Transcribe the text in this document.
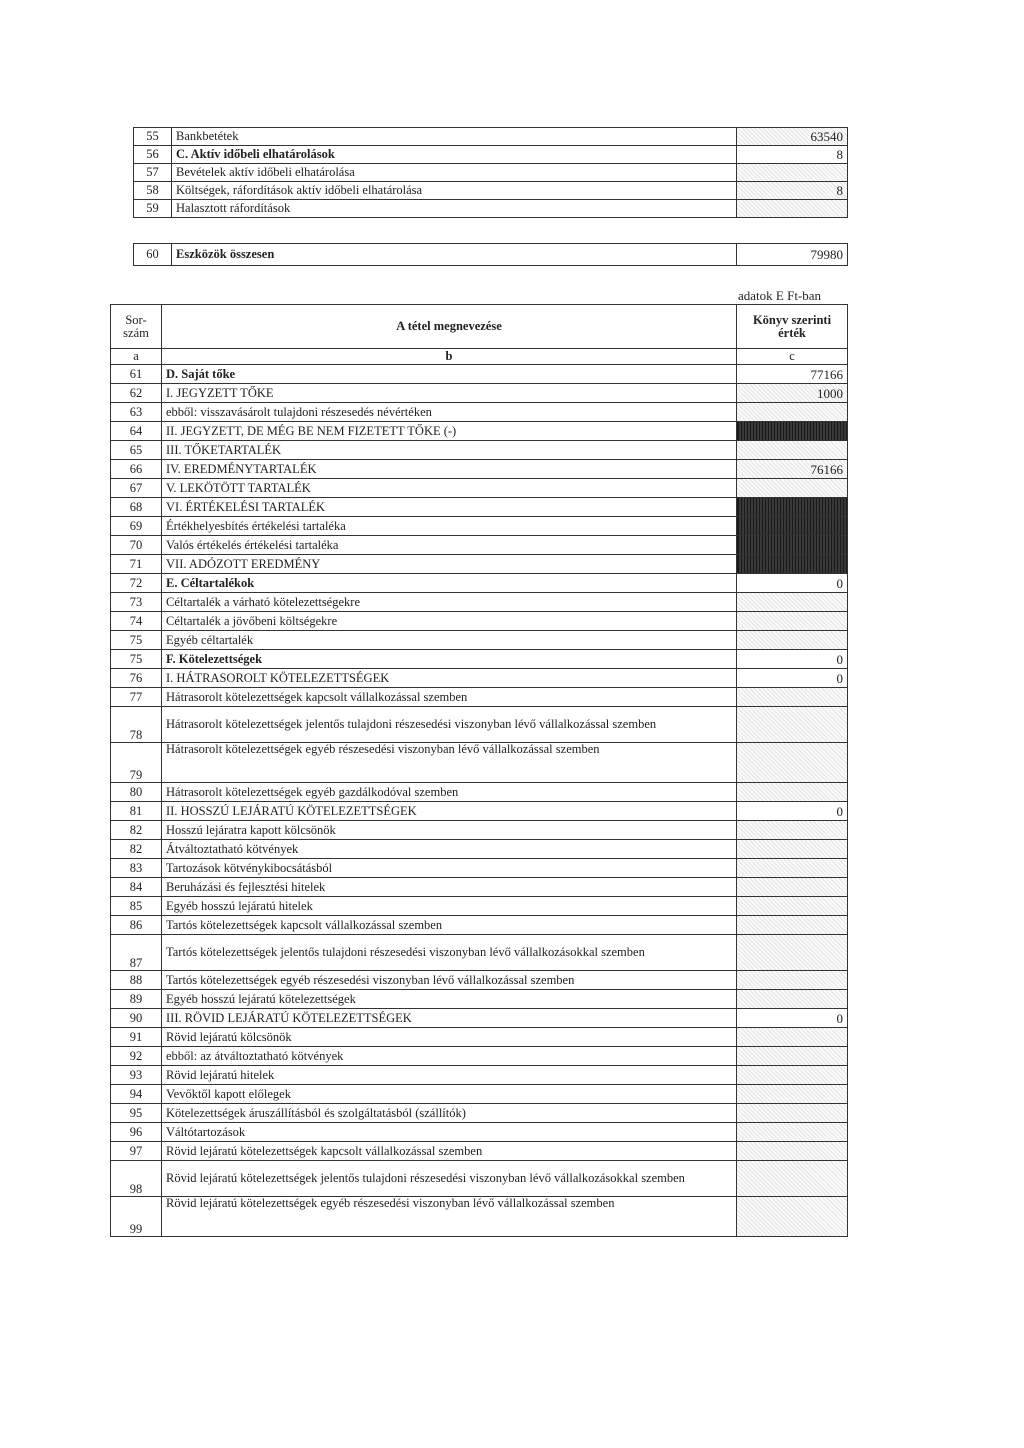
55	Bankbetétek	63540
56	C. Aktív időbeli elhatárolások	8
57	Bevételek aktív időbeli elhatárolása	
58	Költségek, ráfordítások aktív időbeli elhatárolása	8
59	Halasztott ráfordítások	
60	Eszközök összesen	79980
adatok E Ft-ban
Sor-szám	A tétel megnevezése	Könyv szerinti érték
a	b	c
61	D. Saját tőke	77166
62	I. JEGYZETT TŐKE	1000
63	ebből: visszavásárolt tulajdoni részesedés névértéken	
64	II. JEGYZETT, DE MÉG BE NEM FIZETETT TŐKE (-)	
65	III. TŐKETARTALÉK	
66	IV. EREDMÉNYTARTALÉK	76166
67	V. LEKÖTÖTT TARTALÉK	
68	VI. ÉRTÉKELÉSI TARTALÉK	
69	Értékhelyesbítés értékelési tartaléka	
70	Valós értékelés értékelési tartaléka	
71	VII. ADÓZOTT EREDMÉNY	
72	E. Céltartalékok	0
73	Céltartalék a várható kötelezettségekre	
74	Céltartalék a jövőbeni költségekre	
75	Egyéb céltartalék	
75	F. Kötelezettségek	0
76	I. HÁTRASOROLT KÖTELEZETTSÉGEK	0
77	Hátrasorolt kötelezettségek kapcsolt vállalkozással szemben	
78	Hátrasorolt kötelezettségek jelentős tulajdoni részesedési viszonyban lévő vállalkozással szemben	
79	Hátrasorolt kötelezettségek egyéb részesedési viszonyban lévő vállalkozással szemben	
80	Hátrasorolt kötelezettségek egyéb gazdálkodóval szemben	
81	II. HOSSZÚ LEJÁRATÚ KÖTELEZETTSÉGEK	0
82	Hosszú lejáratra kapott kölcsönök	
82	Átváltoztatható kötvények	
83	Tartozások kötvénykibocsátásból	
84	Beruházási és fejlesztési hitelek	
85	Egyéb hosszú lejáratú hitelek	
86	Tartós kötelezettségek kapcsolt vállalkozással szemben	
87	Tartós kötelezettségek jelentős tulajdoni részesedési viszonyban lévő vállalkozásokkal szemben	
88	Tartós kötelezettségek egyéb részesedési viszonyban lévő vállalkozással szemben	
89	Egyéb hosszú lejáratú kötelezettségek	
90	III. RÖVID LEJÁRATÚ KÖTELEZETTSÉGEK	0
91	Rövid lejáratú kölcsönök	
92	ebből: az átváltoztatható kötvények	
93	Rövid lejáratú hitelek	
94	Vevőktől kapott előlegek	
95	Kötelezettségek áruszállításból és szolgáltatásból (szállítók)	
96	Váltótartozások	
97	Rövid lejáratú kötelezettségek kapcsolt vállalkozással szemben	
98	Rövid lejáratú kötelezettségek jelentős tulajdoni részesedési viszonyban lévő vállalkozásokkal szemben	
99	Rövid lejáratú kötelezettségek egyéb részesedési viszonyban lévő vállalkozással szemben	
